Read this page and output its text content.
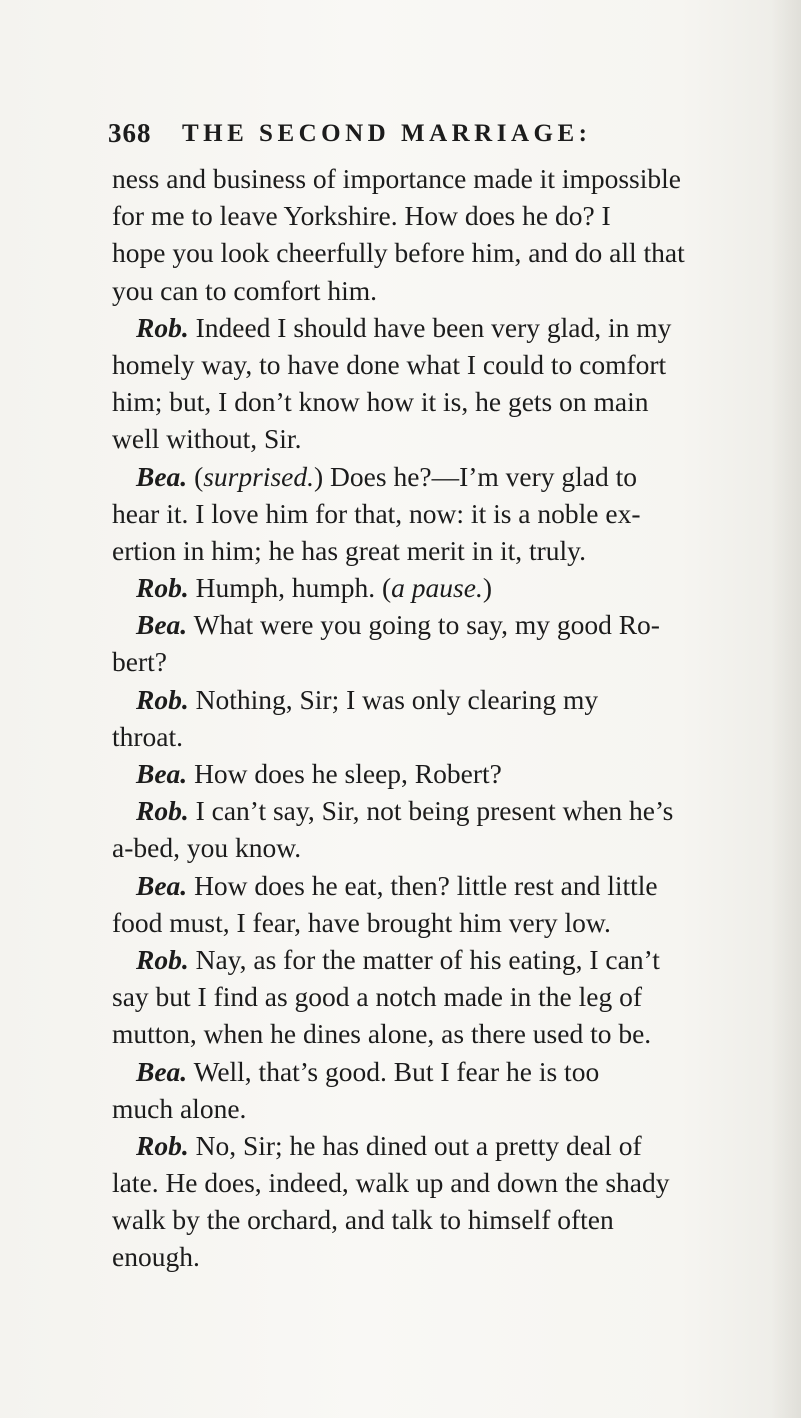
368 THE SECOND MARRIAGE:
ness and business of importance made it impossible
for me to leave Yorkshire. How does he do? I
hope you look cheerfully before him, and do all that
you can to comfort him.
Rob. Indeed I should have been very glad, in my
homely way, to have done what I could to comfort
him; but, I don’t know how it is, he gets on main
well without, Sir.
Bea. (surprised.) Does he?—I’m very glad to
hear it. I love him for that, now: it is a noble ex-
ertion in him; he has great merit in it, truly.
Rob. Humph, humph. (a pause.)
Bea. What were you going to say, my good Ro-
bert?
Rob. Nothing, Sir; I was only clearing my
throat.
Bea. How does he sleep, Robert?
Rob. I can’t say, Sir, not being present when he’s
a-bed, you know.
Bea. How does he eat, then? little rest and little
food must, I fear, have brought him very low.
Rob. Nay, as for the matter of his eating, I can’t
say but I find as good a notch made in the leg of
mutton, when he dines alone, as there used to be.
Bea. Well, that’s good. But I fear he is too
much alone.
Rob. No, Sir; he has dined out a pretty deal of
late. He does, indeed, walk up and down the shady
walk by the orchard, and talk to himself often
enough.
